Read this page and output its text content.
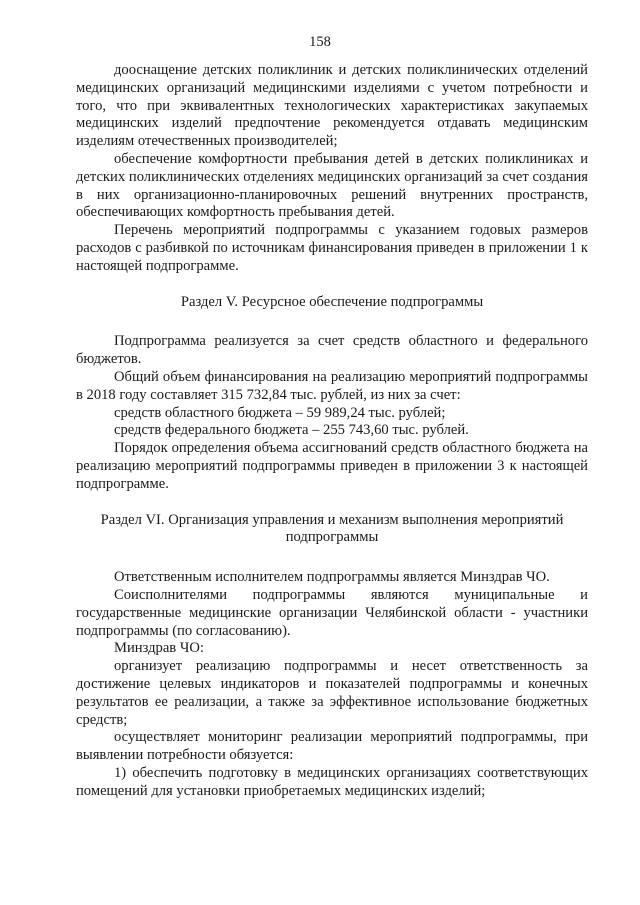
158

дооснащение детских поликлиник и детских поликлинических отделений медицинских организаций медицинскими изделиями с учетом потребности и того, что при эквивалентных технологических характеристиках закупаемых медицинских изделий предпочтение рекомендуется отдавать медицинским изделиям отечественных производителей;

обеспечение комфортности пребывания детей в детских поликлиниках и детских поликлинических отделениях медицинских организаций за счет создания в них организационно-планировочных решений внутренних пространств, обеспечивающих комфортность пребывания детей.

Перечень мероприятий подпрограммы с указанием годовых размеров расходов с разбивкой по источникам финансирования приведен в приложении 1 к настоящей подпрограмме.

Раздел V. Ресурсное обеспечение подпрограммы

Подпрограмма реализуется за счет средств областного и федерального бюджетов.

Общий объем финансирования на реализацию мероприятий подпрограммы в 2018 году составляет 315 732,84 тыс. рублей, из них за счет:

средств областного бюджета – 59 989,24 тыс. рублей;

средств федерального бюджета – 255 743,60 тыс. рублей.

Порядок определения объема ассигнований средств областного бюджета на реализацию мероприятий подпрограммы приведен в приложении 3 к настоящей подпрограмме.

Раздел VI. Организация управления и механизм выполнения мероприятий
подпрограммы

Ответственным исполнителем подпрограммы является Минздрав ЧО.

Соисполнителями подпрограммы являются муниципальные и государственные медицинские организации Челябинской области - участники подпрограммы (по согласованию).

Минздрав ЧО:

организует реализацию подпрограммы и несет ответственность за достижение целевых индикаторов и показателей подпрограммы и конечных результатов ее реализации, а также за эффективное использование бюджетных средств;

осуществляет мониторинг реализации мероприятий подпрограммы, при выявлении потребности обязуется:

1) обеспечить подготовку в медицинских организациях соответствующих помещений для установки приобретаемых медицинских изделий;
